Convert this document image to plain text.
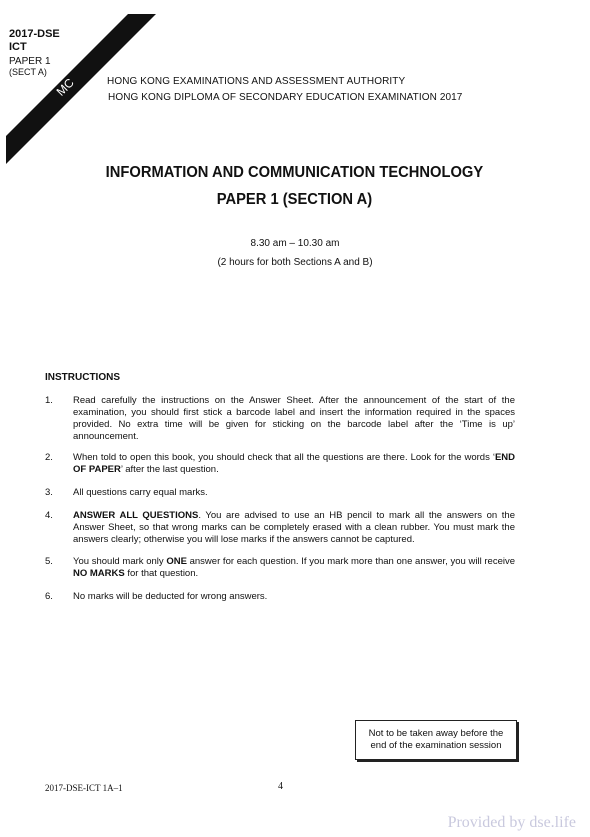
MC
2017-DSE
ICT
PAPER 1
(SECT A)
HONG KONG EXAMINATIONS AND ASSESSMENT AUTHORITY
HONG KONG DIPLOMA OF SECONDARY EDUCATION EXAMINATION 2017
INFORMATION AND COMMUNICATION TECHNOLOGY
PAPER 1 (SECTION A)
8.30 am – 10.30 am
(2 hours for both Sections A and B)
INSTRUCTIONS
1.	Read carefully the instructions on the Answer Sheet. After the announcement of the start of the examination, you should first stick a barcode label and insert the information required in the spaces provided. No extra time will be given for sticking on the barcode label after the ‘Time is up’ announcement.
2.	When told to open this book, you should check that all the questions are there. Look for the words ‘END OF PAPER’ after the last question.
3.	All questions carry equal marks.
4.	ANSWER ALL QUESTIONS. You are advised to use an HB pencil to mark all the answers on the Answer Sheet, so that wrong marks can be completely erased with a clean rubber. You must mark the answers clearly; otherwise you will lose marks if the answers cannot be captured.
5.	You should mark only ONE answer for each question. If you mark more than one answer, you will receive NO MARKS for that question.
6.	No marks will be deducted for wrong answers.
Not to be taken away before the
end of the examination session
2017-DSE-ICT 1A–1	4
Provided by dse.life
